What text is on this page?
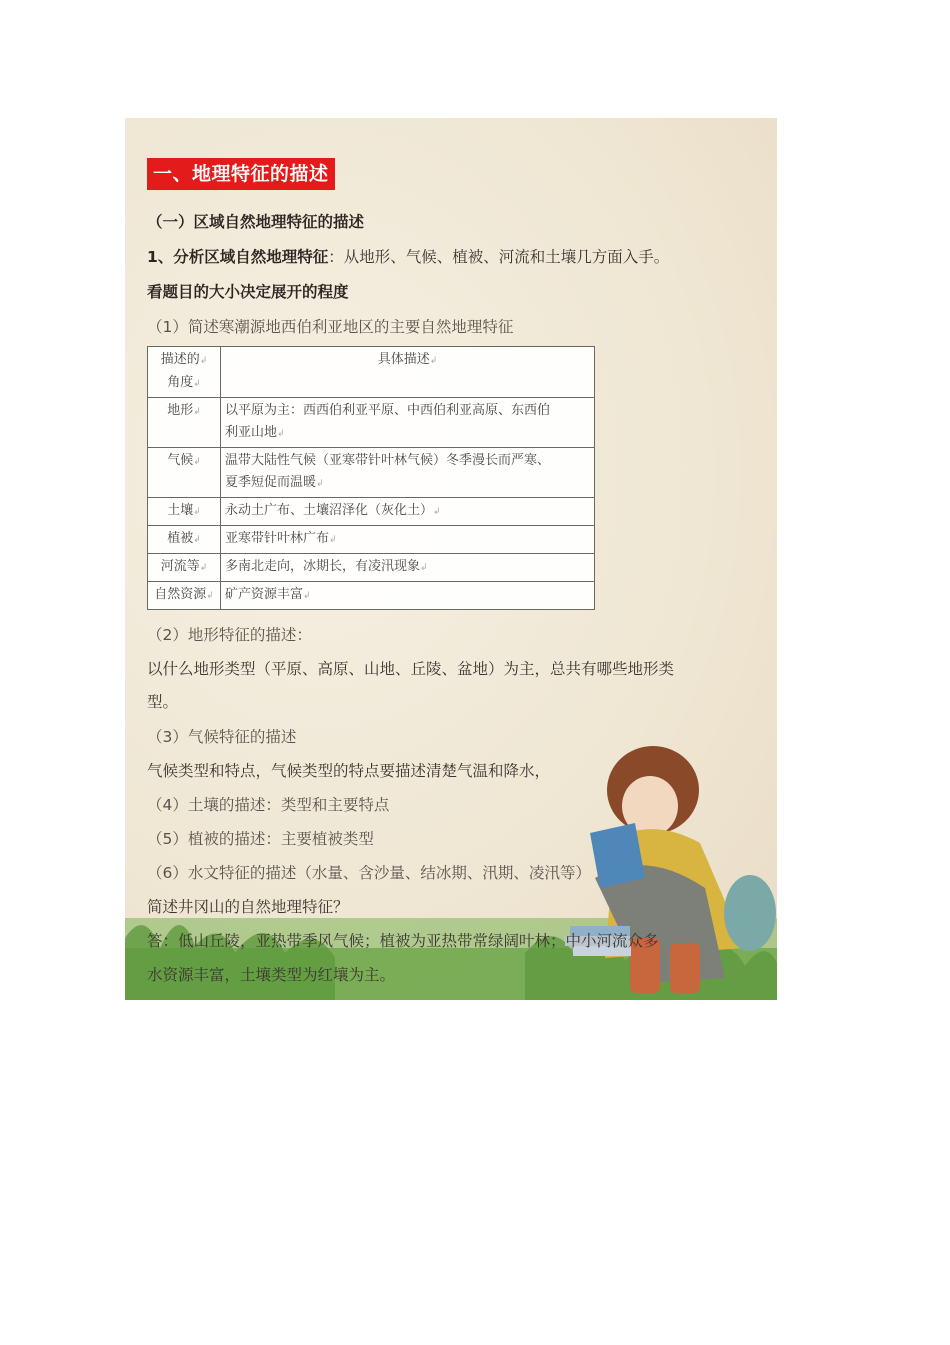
一、地理特征的描述
（一）区域自然地理特征的描述
1、分析区域自然地理特征：从地形、气候、植被、河流和土壤几方面入手。
看题目的大小决定展开的程度
（1）简述寒潮源地西伯利亚地区的主要自然地理特征
描述的↲
角度↲	具体描述↲
地形↲	以平原为主：西西伯利亚平原、中西伯利亚高原、东西伯
利亚山地↲
气候↲	温带大陆性气候（亚寒带针叶林气候）冬季漫长而严寒、
夏季短促而温暖↲
土壤↲	永动土广布、土壤沼泽化（灰化土）↲
植被↲	亚寒带针叶林广布↲
河流等↲	多南北走向，冰期长，有凌汛现象↲
自然资源↲	矿产资源丰富↲
（2）地形特征的描述：
以什么地形类型（平原、高原、山地、丘陵、盆地）为主，总共有哪些地形类
型。
（3）气候特征的描述
气候类型和特点，气候类型的特点要描述清楚气温和降水，
（4）土壤的描述：类型和主要特点
（5）植被的描述：主要植被类型
（6）水文特征的描述（水量、含沙量、结冰期、汛期、凌汛等）
简述井冈山的自然地理特征？
答：低山丘陵，亚热带季风气候；植被为亚热带常绿阔叶林；中小河流众多
水资源丰富，土壤类型为红壤为主。
